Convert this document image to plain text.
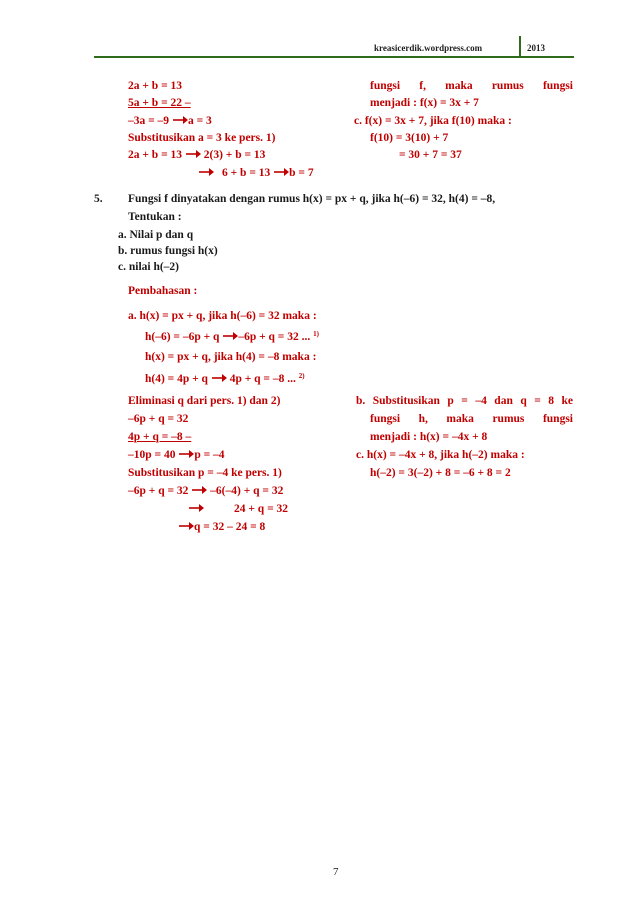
kreasicerdik.wordpress.com	2013
2a + b = 13
5a + b = 22 –
–3a = –9 a = 3
Substitusikan a = 3 ke pers. 1)
2a + b = 13  2(3) + b = 13
6 + b = 13 b = 7
fungsi f, maka rumus fungsi
menjadi : f(x) = 3x + 7
c. f(x) = 3x + 7, jika f(10) maka :
f(10) = 3(10) + 7
= 30 + 7 = 37
5. Fungsi f dinyatakan dengan rumus h(x) = px + q, jika h(–6) = 32, h(4) = –8,
Tentukan :
a. Nilai p dan q
b. rumus fungsi h(x)
c. nilai h(–2)
Pembahasan :
a. h(x) = px + q, jika h(–6) = 32 maka :
h(–6) = –6p + q –6p + q = 32 ... $^{1)}$
h(x) = px + q, jika h(4) = –8 maka :
h(4) = 4p + q  4p + q = –8 ... $^{2)}$
Eliminasi q dari pers. 1) dan 2)
–6p + q = 32
4p + q = –8 –
–10p = 40 p = –4
Substitusikan p = –4 ke pers. 1)
–6p + q = 32  –6(–4) + q = 32
24 + q = 32
q = 32 – 24 = 8
b. Substitusikan p = –4 dan q = 8 ke
fungsi h, maka rumus fungsi
menjadi : h(x) = –4x + 8
c. h(x) = –4x + 8, jika h(–2) maka :
h(–2) = 3(–2) + 8 = –6 + 8 = 2
7
